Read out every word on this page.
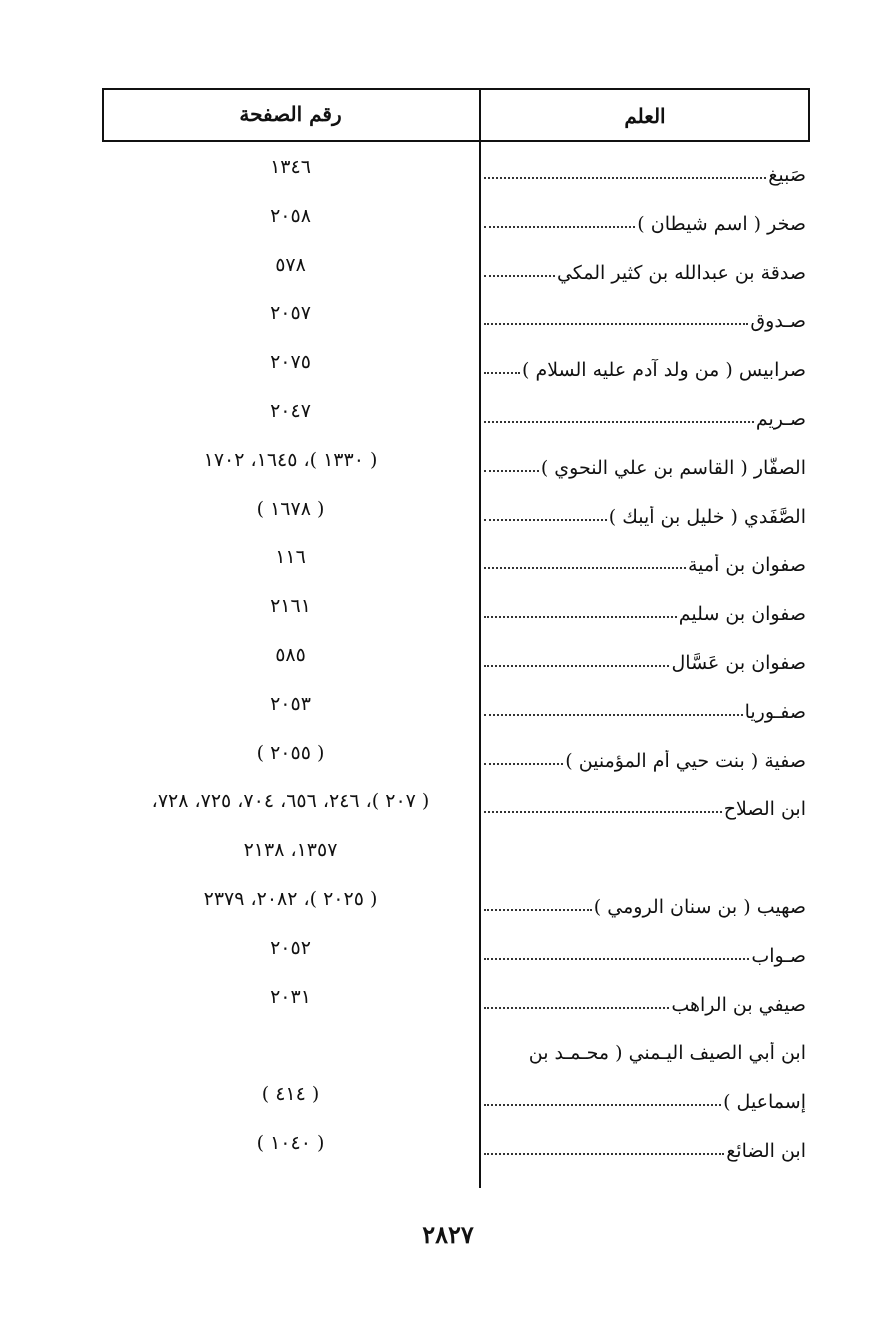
العلم
رقم الصفحة
صَبيغ
١٣٤٦
صخر ( اسم شيطان )
٢٠٥٨
صدقة بن عبدالله بن كثير المكي
٥٧٨
صـدوق
٢٠٥٧
صرابيس ( من ولد آدم عليه السلام )
٢٠٧٥
صـريم
٢٠٤٧
الصفَّار ( القاسم بن علي النحوي )
( ١٣٣٠ )، ١٦٤٥، ١٧٠٢
الصَّفَدي ( خليل بن أيبك )
( ١٦٧٨ )
صفوان بن أمية
١١٦
صفوان بن سليم
٢١٦١
صفوان بن عَسَّال
٥٨٥
صفـوريا
٢٠٥٣
صفية ( بنت حيي أم المؤمنين )
( ٢٠٥٥ )
ابن الصلاح
( ٢٠٧ )، ٢٤٦، ٦٥٦، ٧٠٤، ٧٢٥، ٧٢٨،
١٣٥٧، ٢١٣٨
صهيب ( بن سنان الرومي )
( ٢٠٢٥ )، ٢٠٨٢، ٢٣٧٩
صـواب
٢٠٥٢
صيفي بن الراهب
٢٠٣١
ابن أبي الصيف اليـمني ( محـمـد بن
إسماعيل )
( ٤١٤ )
ابن الضائع
( ١٠٤٠ )
٢٨٢٧
